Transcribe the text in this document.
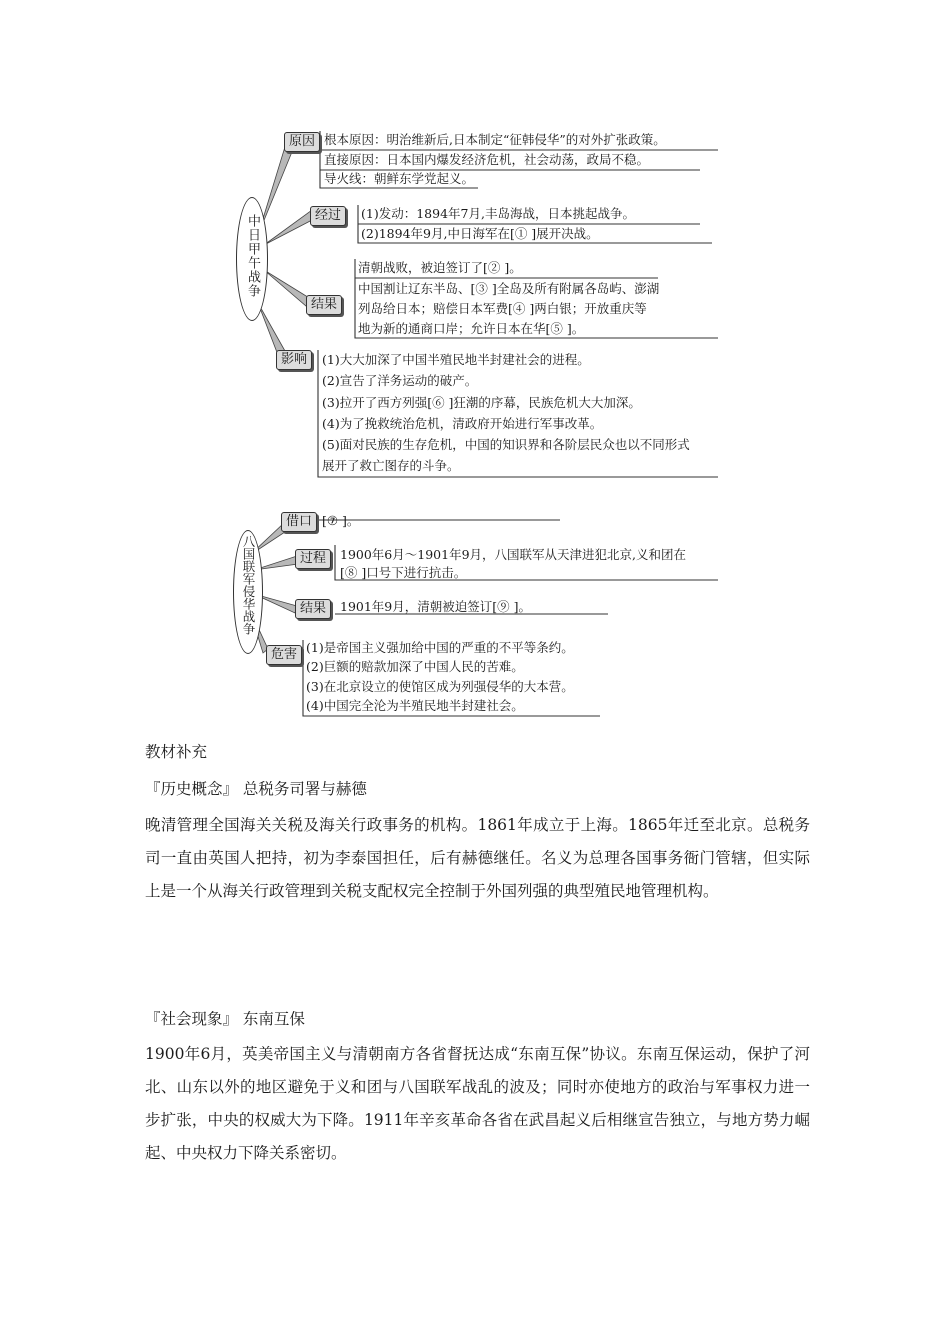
中日甲午战争
原因 根本原因：明治维新后,日本制定“征韩侵华”的对外扩张政策。
直接原因：日本国内爆发经济危机，社会动荡，政局不稳。
导火线：朝鲜东学党起义。
经过	(1)发动：1894年7月,丰岛海战，日本挑起战争。
(2)1894年9月,中日海军在[① ]展开决战。
结果
清朝战败，被迫签订了[② ]。
中国割让辽东半岛、[③ ]全岛及所有附属各岛屿、澎湖
列岛给日本；赔偿日本军费[④ ]两白银；开放重庆等
地为新的通商口岸；允许日本在华[⑤ ]。
影响	(1)大大加深了中国半殖民地半封建社会的进程。
(2)宣告了洋务运动的破产。
(3)拉开了西方列强[⑥ ]狂潮的序幕，民族危机大大加深。
(4)为了挽救统治危机，清政府开始进行军事改革。
(5)面对民族的生存危机，中国的知识界和各阶层民众也以不同形式
展开了救亡图存的斗争。
八国联军侵华战争
借口 [⑦ ]。
过程	1900年6月～1901年9月，八国联军从天津进犯北京,义和团在
[⑧ ]口号下进行抗击。
结果	1901年9月，清朝被迫签订[⑨ ]。
危害 (1)是帝国主义强加给中国的严重的不平等条约。
(2)巨额的赔款加深了中国人民的苦难。
(3)在北京设立的使馆区成为列强侵华的大本营。
(4)中国完全沦为半殖民地半封建社会。
教材补充
『历史概念』 总税务司署与赫德
晚清管理全国海关关税及海关行政事务的机构。1861年成立于上海。1865年迁至北京。总税务司一直由英国人把持，初为李泰国担任，后有赫德继任。名义为总理各国事务衙门管辖，但实际上是一个从海关行政管理到关税支配权完全控制于外国列强的典型殖民地管理机构。
『社会现象』 东南互保
1900年6月，英美帝国主义与清朝南方各省督抚达成“东南互保”协议。东南互保运动，保护了河北、山东以外的地区避免于义和团与八国联军战乱的波及；同时亦使地方的政治与军事权力进一步扩张，中央的权威大为下降。1911年辛亥革命各省在武昌起义后相继宣告独立，与地方势力崛起、中央权力下降关系密切。
